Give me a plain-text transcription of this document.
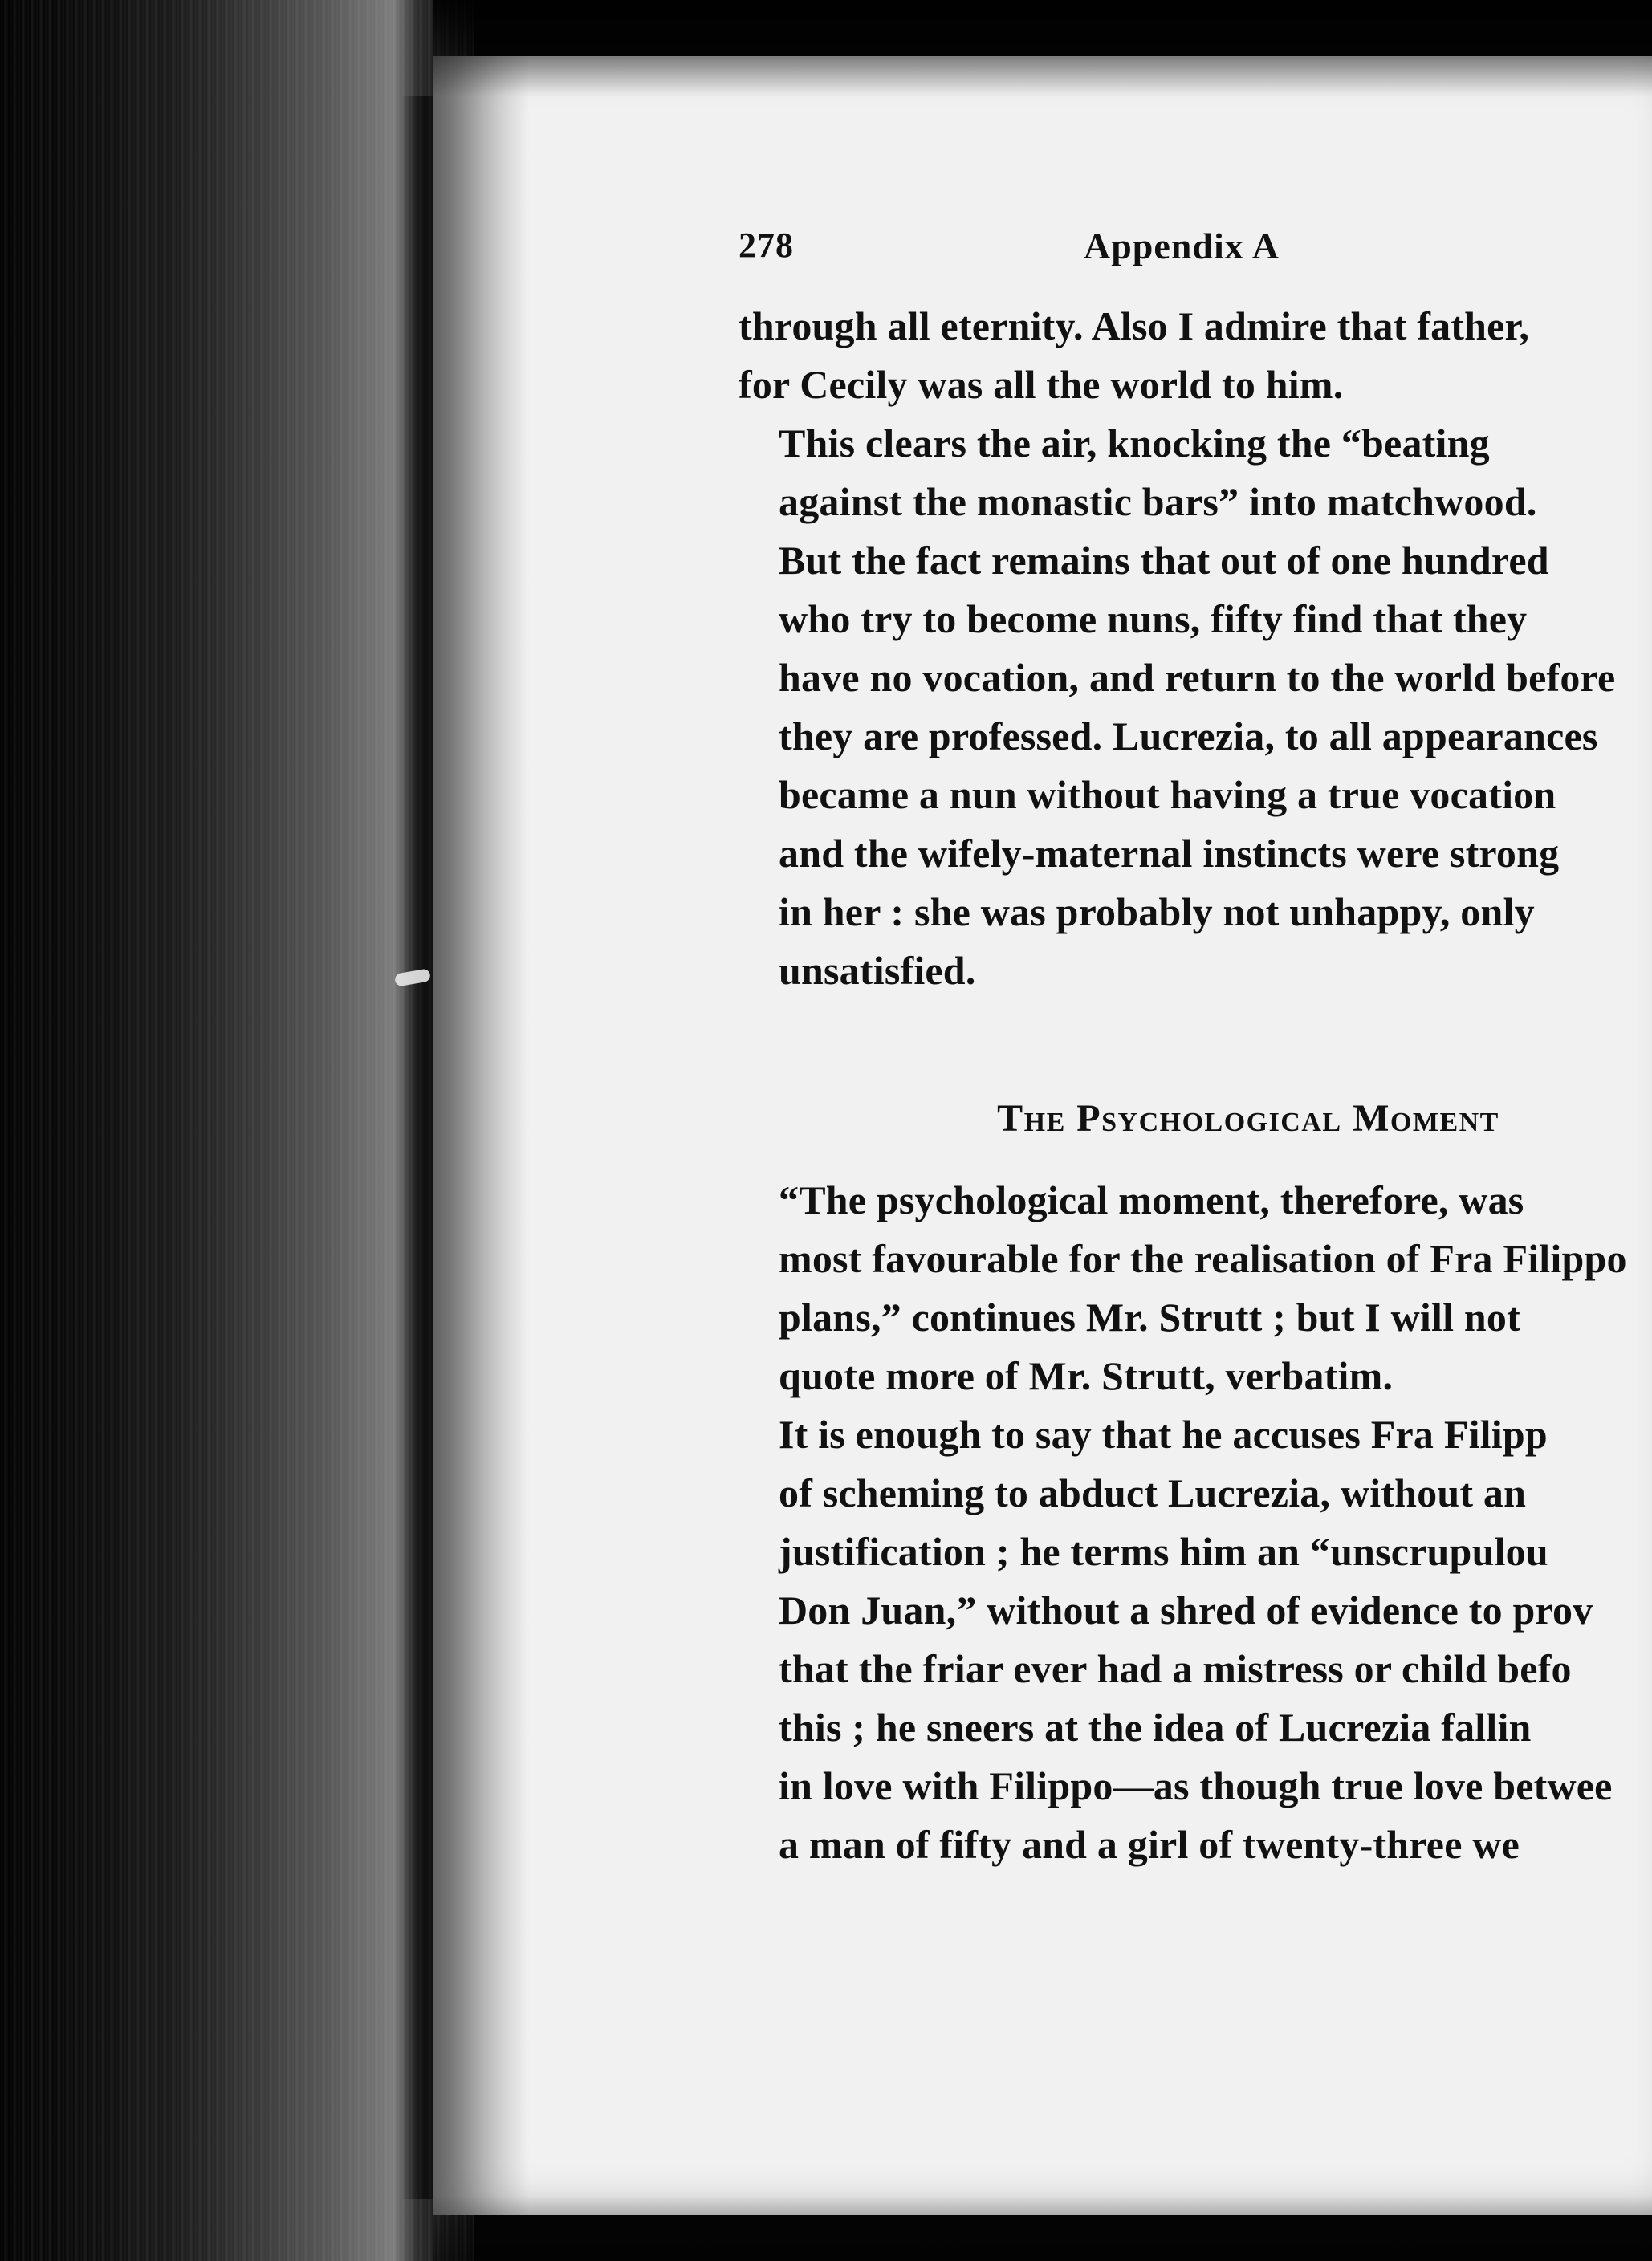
278	Appendix A

through all eternity. Also I admire that father,
for Cecily was all the world to him.

This clears the air, knocking the “beating
against the monastic bars” into matchwood.
But the fact remains that out of one hundred
who try to become nuns, fifty find that they
have no vocation, and return to the world before
they are professed. Lucrezia, to all appearances
became a nun without having a true vocation
and the wifely-maternal instincts were strong
in her : she was probably not unhappy, only
unsatisfied.

The Psychological Moment

“The psychological moment, therefore, was
most favourable for the realisation of Fra Filippo
plans,” continues Mr. Strutt ; but I will not
quote more of Mr. Strutt, verbatim.

It is enough to say that he accuses Fra Filipp
of scheming to abduct Lucrezia, without an
justification ; he terms him an “unscrupulou
Don Juan,” without a shred of evidence to prov
that the friar ever had a mistress or child befo
this ; he sneers at the idea of Lucrezia fallin
in love with Filippo—as though true love betwee
a man of fifty and a girl of twenty-three we
